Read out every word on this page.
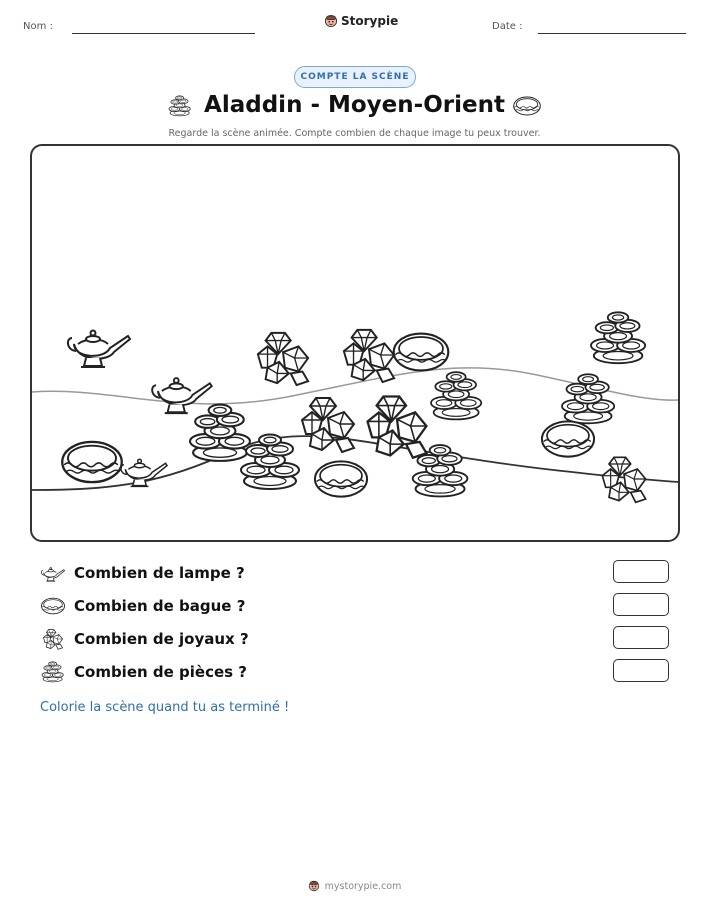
Nom :	Storypie	Date :
COMPTE LA SCÈNE
Aladdin - Moyen-Orient
Regarde la scène animée. Compte combien de chaque image tu peux trouver.
Combien de lampe ?
Combien de bague ?
Combien de joyaux ?
Combien de pièces ?
Colorie la scène quand tu as terminé !
mystorypie.com
